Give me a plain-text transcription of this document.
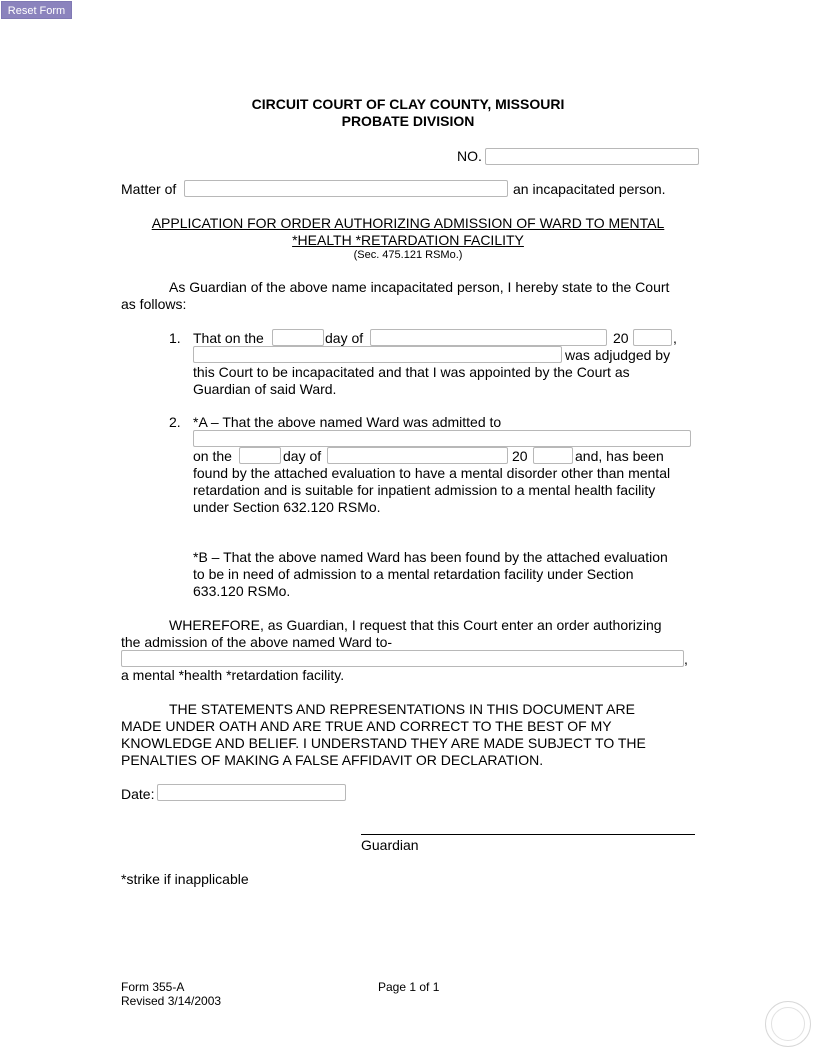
Reset Form
CIRCUIT COURT OF CLAY COUNTY, MISSOURI
PROBATE DIVISION
NO.
Matter of	an incapacitated person.
APPLICATION FOR ORDER AUTHORIZING ADMISSION OF WARD TO MENTAL
*HEALTH *RETARDATION FACILITY
(Sec. 475.121 RSMo.)
As Guardian of the above name incapacitated person, I hereby state to the Court
as follows:
1. That on the	day of	20	,
was adjudged by
this Court to be incapacitated and that I was appointed by the Court as
Guardian of said Ward.
2. *A – That the above named Ward was admitted to
on the	day of	20	and, has been
found by the attached evaluation to have a mental disorder other than mental
retardation and is suitable for inpatient admission to a mental health facility
under Section 632.120 RSMo.
*B – That the above named Ward has been found by the attached evaluation
to be in need of admission to a mental retardation facility under Section
633.120 RSMo.
WHEREFORE, as Guardian, I request that this Court enter an order authorizing
the admission of the above named Ward to-
,
a mental *health *retardation facility.
THE STATEMENTS AND REPRESENTATIONS IN THIS DOCUMENT ARE
MADE UNDER OATH AND ARE TRUE AND CORRECT TO THE BEST OF MY
KNOWLEDGE AND BELIEF. I UNDERSTAND THEY ARE MADE SUBJECT TO THE
PENALTIES OF MAKING A FALSE AFFIDAVIT OR DECLARATION.
Date:
Guardian
*strike if inapplicable
Form 355-A
Revised 3/14/2003
Page 1 of 1
